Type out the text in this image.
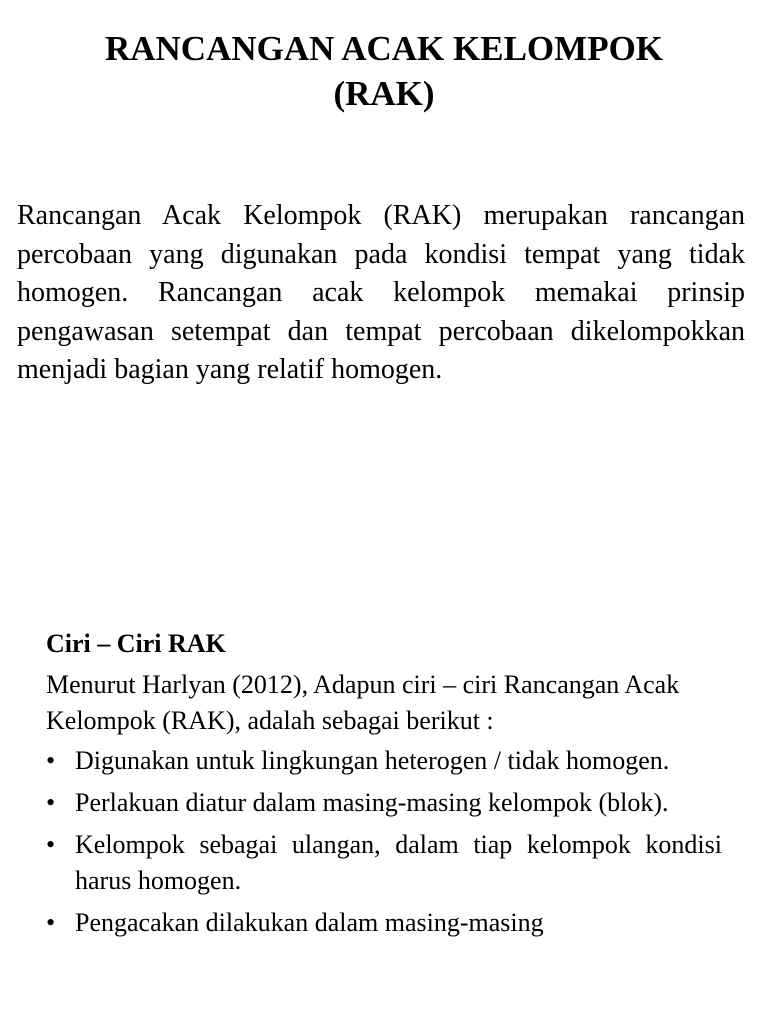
RANCANGAN ACAK KELOMPOK
(RAK)

Rancangan Acak Kelompok (RAK) merupakan rancangan percobaan yang digunakan pada kondisi tempat yang tidak homogen. Rancangan acak kelompok memakai prinsip pengawasan setempat dan tempat percobaan dikelompokkan menjadi bagian yang relatif homogen.

Ciri – Ciri RAK

Menurut Harlyan (2012), Adapun ciri – ciri Rancangan Acak Kelompok (RAK), adalah sebagai berikut :

• Digunakan untuk lingkungan heterogen / tidak homogen.
• Perlakuan diatur dalam masing-masing kelompok (blok).
• Kelompok sebagai ulangan, dalam tiap kelompok kondisi harus homogen.
• Pengacakan dilakukan dalam masing-masing
